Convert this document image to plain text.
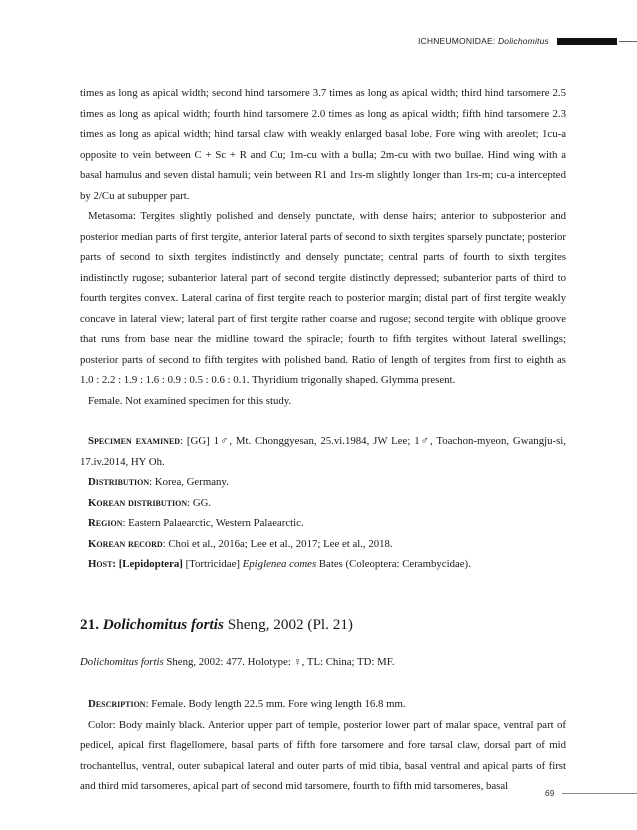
ICHNEUMONIDAE: Dolichomitus

times as long as apical width; second hind tarsomere 3.7 times as long as apical width; third hind tarsomere 2.5 times as long as apical width; fourth hind tarsomere 2.0 times as long as apical width; fifth hind tarsomere 2.3 times as long as apical width; hind tarsal claw with weakly enlarged basal lobe. Fore wing with areolet; 1cu-a opposite to vein between C + Sc + R and Cu; 1m-cu with a bulla; 2m-cu with two bullae. Hind wing with a basal hamulus and seven distal hamuli; vein between R1 and 1rs-m slightly longer than 1rs-m; cu-a intercepted by 2/Cu at subupper part.

Metasoma: Tergites slightly polished and densely punctate, with dense hairs; anterior to subposterior and posterior median parts of first tergite, anterior lateral parts of second to sixth tergites sparsely punctate; posterior parts of second to sixth tergites indistinctly and densely punctate; central parts of fourth to sixth tergites indistinctly rugose; subanterior lateral part of second tergite distinctly depressed; subanterior parts of third to fourth tergites convex. Lateral carina of first tergite reach to posterior margin; distal part of first tergite weakly concave in lateral view; lateral part of first tergite rather coarse and rugose; second tergite with oblique groove that runs from base near the midline toward the spiracle; fourth to fifth tergites without lateral swellings; posterior parts of second to fifth tergites with polished band. Ratio of length of tergites from first to eighth as 1.0 : 2.2 : 1.9 : 1.6 : 0.9 : 0.5 : 0.6 : 0.1. Thyridium trigonally shaped. Glymma present.

Female. Not examined specimen for this study.

Specimen examined: [GG] 1♂, Mt. Chonggyesan, 25.vi.1984, JW Lee; 1♂, Toachon-myeon, Gwangju-si, 17.iv.2014, HY Oh.

Distribution: Korea, Germany.

Korean distribution: GG.

Region: Eastern Palaearctic, Western Palaearctic.

Korean record: Choi et al., 2016a; Lee et al., 2017; Lee et al., 2018.

Host: [Lepidoptera] [Tortricidae] Epiglenea comes Bates (Coleoptera: Cerambycidae).

21. Dolichomitus fortis Sheng, 2002 (Pl. 21)

Dolichomitus fortis Sheng, 2002: 477. Holotype: ♀, TL: China; TD: MF.

Description: Female. Body length 22.5 mm. Fore wing length 16.8 mm.

Color: Body mainly black. Anterior upper part of temple, posterior lower part of malar space, ventral part of pedicel, apical first flagellomere, basal parts of fifth fore tarsomere and fore tarsal claw, dorsal part of mid trochantellus, ventral, outer subapical lateral and outer parts of mid tibia, basal ventral and apical parts of first and third mid tarsomeres, apical part of second mid tarsomere, fourth to fifth mid tarsomeres, basal

69
